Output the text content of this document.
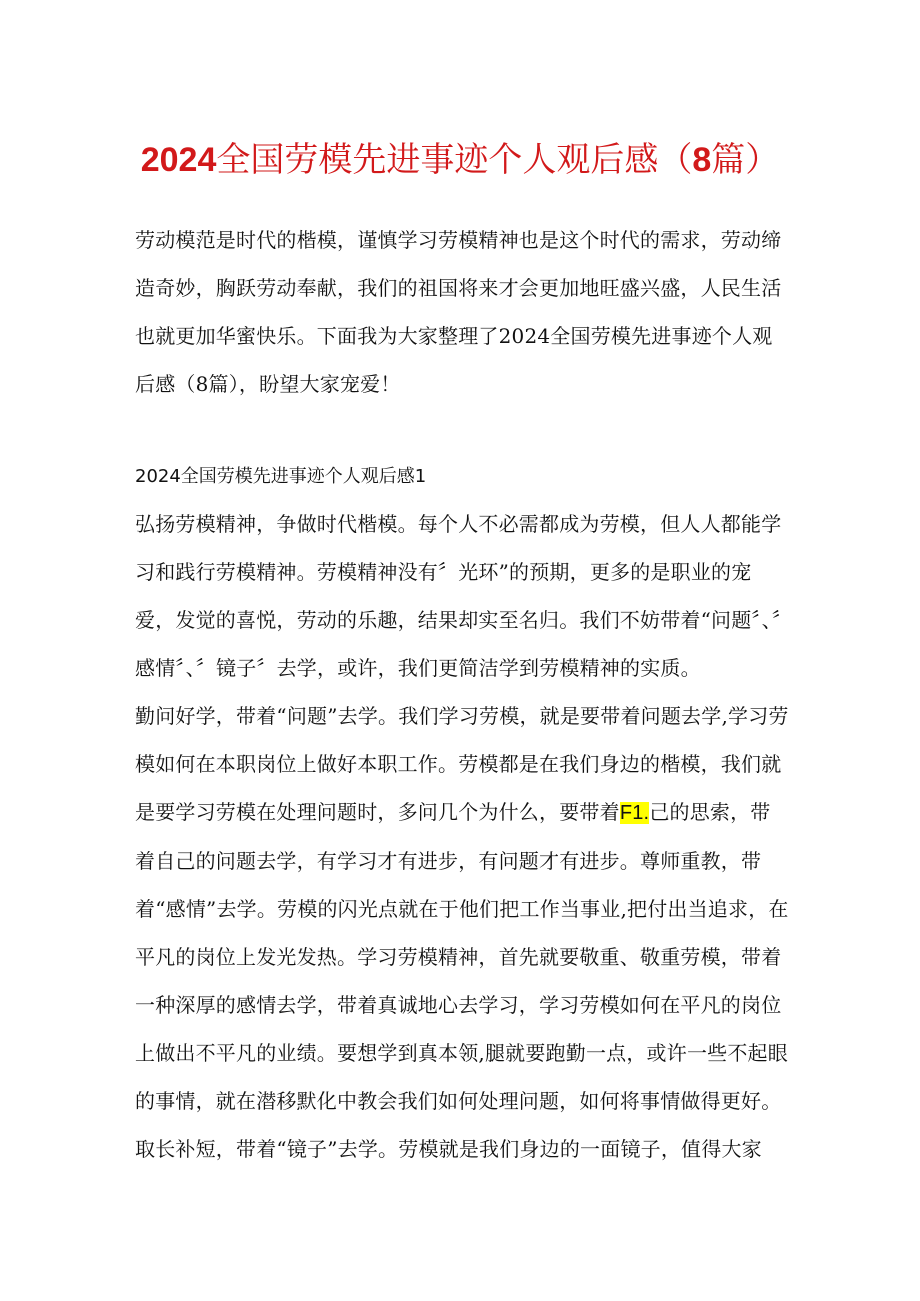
2024全国劳模先进事迹个人观后感（8篇）

劳动模范是时代的楷模，谨慎学习劳模精神也是这个时代的需求，劳动缔造奇妙，胸跃劳动奉献，我们的祖国将来才会更加地旺盛兴盛，人民生活也就更加华蜜快乐。下面我为大家整理了2024全国劳模先进事迹个人观后感（8篇），盼望大家宠爱！

2024全国劳模先进事迹个人观后感1

弘扬劳模精神，争做时代楷模。每个人不必需都成为劳模，但人人都能学习和践行劳模精神。劳模精神没有〞光环”的预期，更多的是职业的宠爱，发觉的喜悦，劳动的乐趣，结果却实至名归。我们不妨带着“问题〞、〞感情〞、〞镜子〞去学，或许，我们更简洁学到劳模精神的实质。

勤问好学，带着“问题”去学。我们学习劳模，就是要带着问题去学,学习劳模如何在本职岗位上做好本职工作。劳模都是在我们身边的楷模，我们就是要学习劳模在处理问题时，多问几个为什么，要带着F1.己的思索，带着自己的问题去学，有学习才有进步，有问题才有进步。尊师重教，带着“感情”去学。劳模的闪光点就在于他们把工作当事业,把付出当追求，在平凡的岗位上发光发热。学习劳模精神，首先就要敬重、敬重劳模，带着一种深厚的感情去学，带着真诚地心去学习，学习劳模如何在平凡的岗位上做出不平凡的业绩。要想学到真本领,腿就要跑勤一点，或许一些不起眼的事情，就在潜移默化中教会我们如何处理问题，如何将事情做得更好。

取长补短，带着“镜子”去学。劳模就是我们身边的一面镜子，值得大家
